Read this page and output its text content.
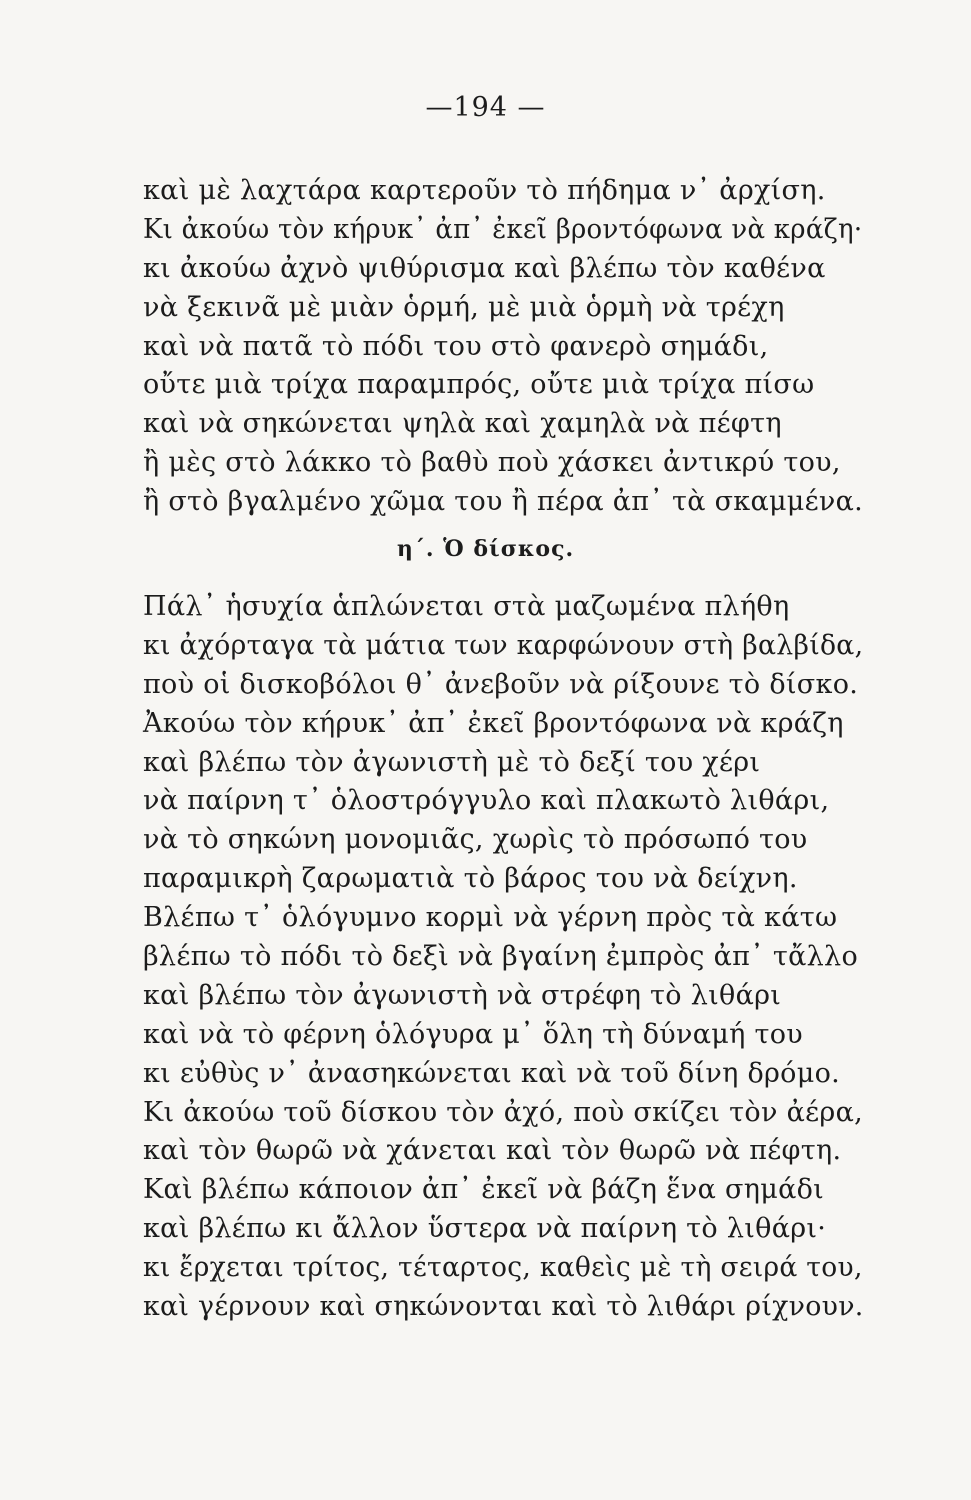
—194 —
καὶ μὲ λαχτάρα καρτεροῦν τὸ πήδημα ν᾽ ἀρχίση.
Κι ἀκούω τὸν κήρυκ᾽ ἀπ᾽ ἐκεῖ βροντόφωνα νὰ κράζη·
κι ἀκούω ἀχνὸ ψιθύρισμα καὶ βλέπω τὸν καθένα
νὰ ξεκινᾶ μὲ μιὰν ὁρμή, μὲ μιὰ ὁρμὴ νὰ τρέχη
καὶ νὰ πατᾶ τὸ πόδι του στὸ φανερὸ σημάδι,
οὔτε μιὰ τρίχα παραμπρός, οὔτε μιὰ τρίχα πίσω
καὶ νὰ σηκώνεται ψηλὰ καὶ χαμηλὰ νὰ πέφτη
ἢ μὲς στὸ λάκκο τὸ βαθὺ ποὺ χάσκει ἀντικρύ του,
ἢ στὸ βγαλμένο χῶμα του ἢ πέρα ἀπ᾽ τὰ σκαμμένα.
η΄. Ὁ δίσκος.
Πάλ᾽ ἡσυχία ἁπλώνεται στὰ μαζωμένα πλήθη
κι ἀχόρταγα τὰ μάτια των καρφώνουν στὴ βαλβίδα,
ποὺ οἱ δισκοβόλοι θ᾽ ἀνεβοῦν νὰ ρίξουνε τὸ δίσκο.
Ἀκούω τὸν κήρυκ᾽ ἀπ᾽ ἐκεῖ βροντόφωνα νὰ κράζη
καὶ βλέπω τὸν ἀγωνιστὴ μὲ τὸ δεξί του χέρι
νὰ παίρνη τ᾽ ὁλοστρόγγυλο καὶ πλακωτὸ λιθάρι,
νὰ τὸ σηκώνη μονομιᾶς, χωρὶς τὸ πρόσωπό του
παραμικρὴ ζαρωματιὰ τὸ βάρος του νὰ δείχνη.
Βλέπω τ᾽ ὁλόγυμνο κορμὶ νὰ γέρνη πρὸς τὰ κάτω
βλέπω τὸ πόδι τὸ δεξὶ νὰ βγαίνη ἐμπρὸς ἀπ᾽ τἄλλο
καὶ βλέπω τὸν ἀγωνιστὴ νὰ στρέφη τὸ λιθάρι
καὶ νὰ τὸ φέρνη ὁλόγυρα μ᾽ ὅλη τὴ δύναμή του
κι εὐθὺς ν᾽ ἀνασηκώνεται καὶ νὰ τοῦ δίνη δρόμο.
Κι ἀκούω τοῦ δίσκου τὸν ἀχό, ποὺ σκίζει τὸν ἀέρα,
καὶ τὸν θωρῶ νὰ χάνεται καὶ τὸν θωρῶ νὰ πέφτη.
Καὶ βλέπω κάποιον ἀπ᾽ ἐκεῖ νὰ βάζη ἕνα σημάδι
καὶ βλέπω κι ἄλλον ὕστερα νὰ παίρνη τὸ λιθάρι·
κι ἔρχεται τρίτος, τέταρτος, καθεὶς μὲ τὴ σειρά του,
καὶ γέρνουν καὶ σηκώνονται καὶ τὸ λιθάρι ρίχνουν.
